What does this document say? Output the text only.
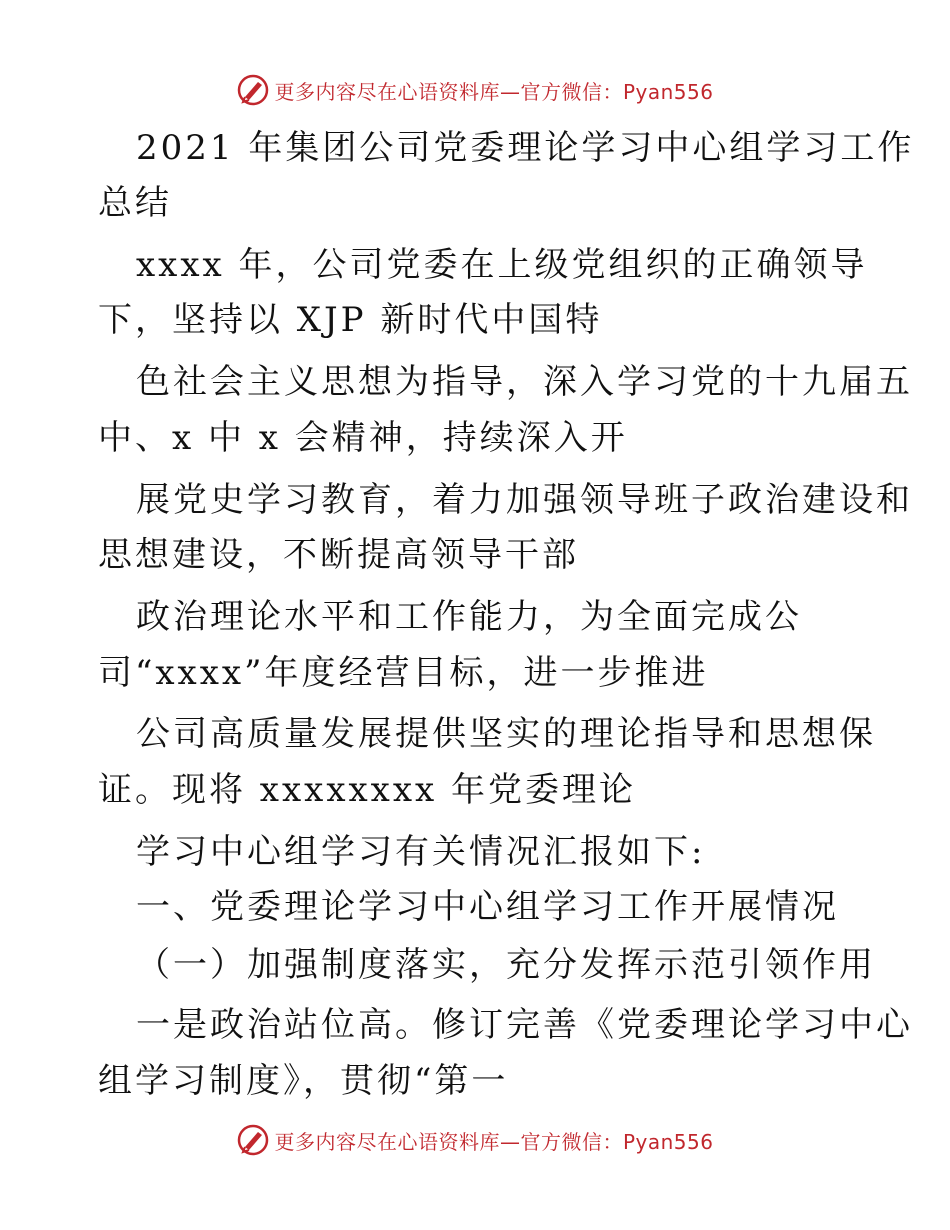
更多内容尽在心语资料库—官方微信：Pyan556
2021 年集团公司党委理论学习中心组学习工作
总结
xxxx 年，公司党委在上级党组织的正确领导
下，坚持以 XJP 新时代中国特
色社会主义思想为指导，深入学习党的十九届五
中、x 中 x 会精神，持续深入开
展党史学习教育，着力加强领导班子政治建设和
思想建设，不断提高领导干部
政治理论水平和工作能力，为全面完成公
司“xxxx”年度经营目标，进一步推进
公司高质量发展提供坚实的理论指导和思想保
证。现将 xxxxxxxx 年党委理论
学习中心组学习有关情况汇报如下:
一、党委理论学习中心组学习工作开展情况
（一）加强制度落实，充分发挥示范引领作用
一是政治站位高。修订完善《党委理论学习中心
组学习制度》，贯彻“第一
更多内容尽在心语资料库—官方微信：Pyan556
